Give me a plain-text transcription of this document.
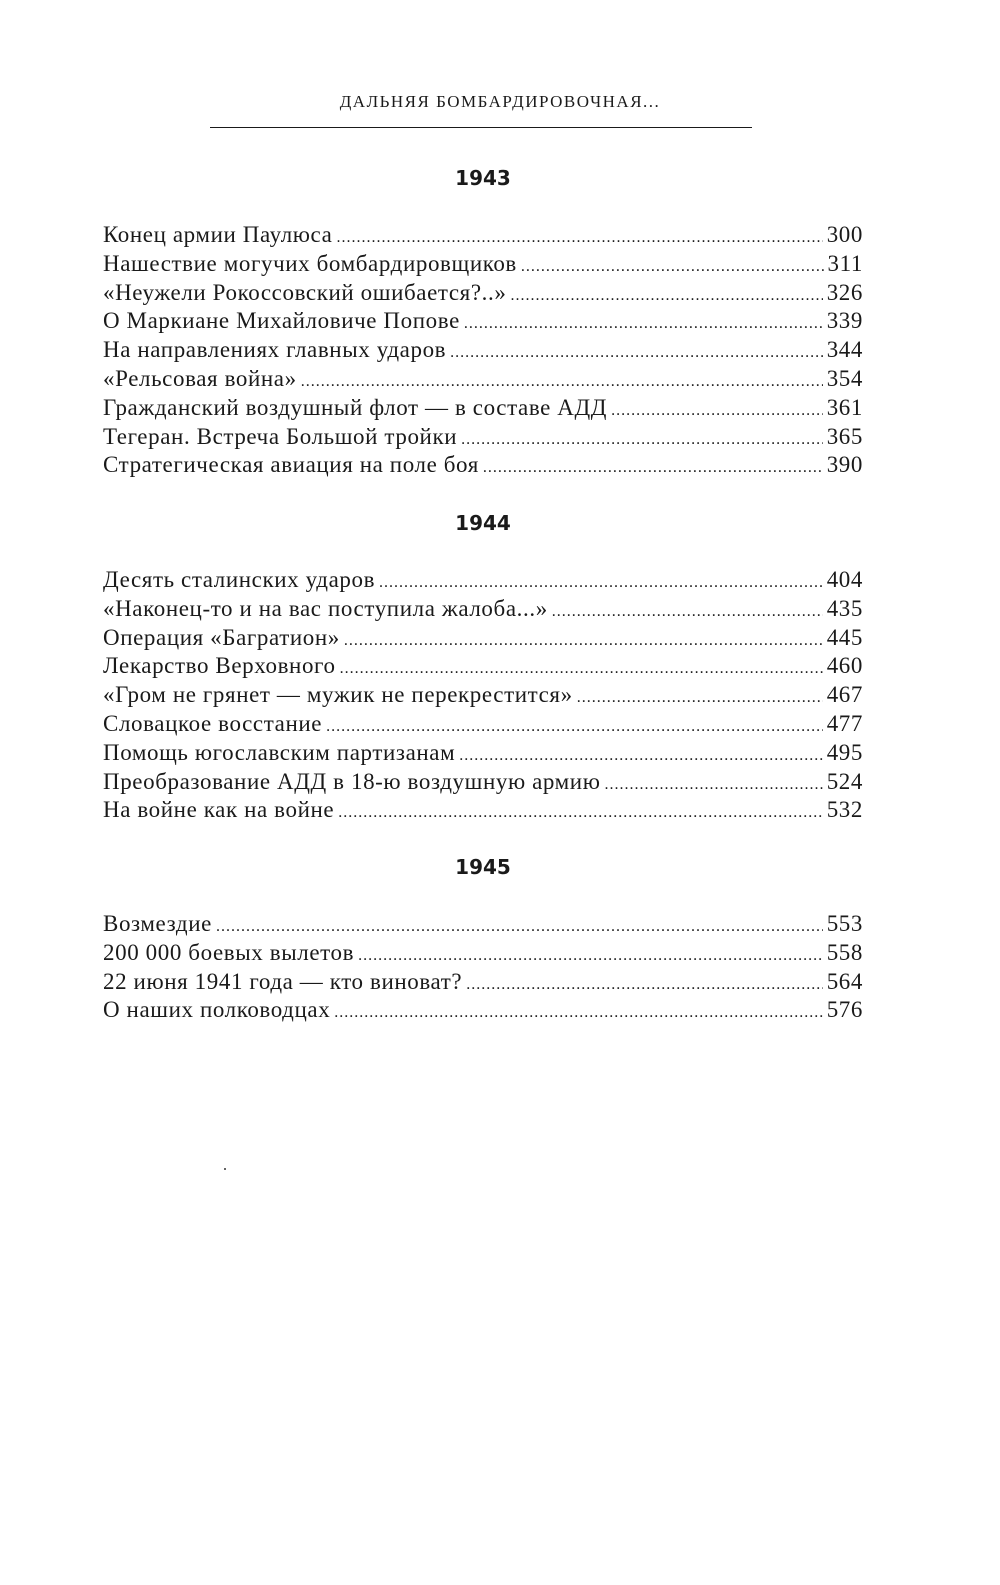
ДАЛЬНЯЯ БОМБАРДИРОВОЧНАЯ...
1943
Конец армии Паулюса .....	300
Нашествие могучих бомбардировщиков .....	311
«Неужели Рокоссовский ошибается?..» .....	326
О Маркиане Михайловиче Попове .....	339
На направлениях главных ударов .....	344
«Рельсовая война» .....	354
Гражданский воздушный флот — в составе АДД .....	361
Тегеран. Встреча Большой тройки .....	365
Стратегическая авиация на поле боя .....	390
1944
Десять сталинских ударов .....	404
«Наконец-то и на вас поступила жалоба...» .....	435
Операция «Багратион» .....	445
Лекарство Верховного .....	460
«Гром не грянет — мужик не перекрестится» .....	467
Словацкое восстание .....	477
Помощь югославским партизанам .....	495
Преобразование АДД в 18-ю воздушную армию .....	524
На войне как на войне .....	532
1945
Возмездие .....	553
200 000 боевых вылетов .....	558
22 июня 1941 года — кто виноват? .....	564
О наших полководцах .....	576
